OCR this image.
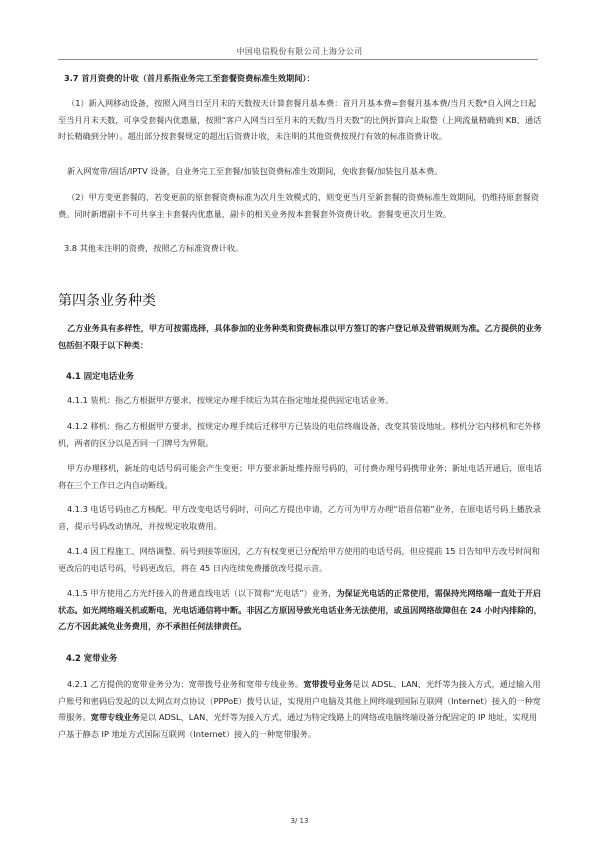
中国电信股份有限公司上海分公司

3.7 首月资费的计收（首月系指业务完工至套餐资费标准生效期间）：

（1）新入网移动设备，按照入网当日至月末的天数按天计算套餐月基本费：首月月基本费=套餐月基本费/当月天数*自入网之日起至当月月末天数，可享受套餐内优惠量，按照“客户入网当日至月末的天数/当月天数”的比例折算向上取整（上网流量精确到 KB、通话时长精确到分钟）。超出部分按套餐规定的超出后资费计收，未注明的其他资费按现行有效的标准资费计收。

新入网宽带/固话/IPTV 设备，自业务完工至套餐/加装包资费标准生效期间，免收套餐/加装包月基本费。

（2）甲方变更套餐的，若变更前的原套餐资费标准为次月生效模式的，则变更当月至新套餐的资费标准生效期间，仍维持原套餐资费。同时新增副卡不可共享主卡套餐内优惠量，副卡的相关业务按本套餐套外资费计收。套餐变更次月生效。

3.8 其他未注明的资费，按照乙方标准资费计收。

第四条业务种类

乙方业务具有多样性，甲方可按需选择，具体参加的业务种类和资费标准以甲方签订的客户登记单及营销规则为准。乙方提供的业务包括但不限于以下种类：

4.1 固定电话业务

4.1.1 装机：指乙方根据甲方要求，按规定办理手续后为其在指定地址提供固定电话业务。

4.1.2 移机：指乙方根据甲方要求，按规定办理手续后迁移甲方已装设的电信终端设备，改变其装设地址。移机分宅内移机和宅外移机，两者的区分以是否同一门牌号为界限。

甲方办理移机，新址的电话号码可能会产生变更；甲方要求新址维持原号码的，可付费办理号码携带业务；新址电话开通后，原电话将在三个工作日之内自动断线。

4.1.3 电话号码由乙方核配。甲方改变电话号码时，可向乙方提出申请，乙方可为甲方办理“语音信箱”业务，在原电话号码上播放录音，提示号码改动情况，并按规定收取费用。

4.1.4 因工程施工、网络调整、码号到接等原因，乙方有权变更已分配给甲方使用的电话号码，但应提前 15 日告知甲方改号时间和更改后的电话号码，号码更改后，将在 45 日内连续免费播放改号提示音。

4.1.5 甲方使用乙方光纤接入的普通直线电话（以下简称“光电话”）业务，为保证光电话的正常使用，需保持光网络端一直处于开启状态。如光网络端关机或断电，光电话通信将中断。非因乙方原因导致光电话业务无法使用，或虽因网络故障但在 24 小时内排除的，乙方不因此减免业务费用，亦不承担任何法律责任。

4.2 宽带业务

4.2.1 乙方提供的宽带业务分为：宽带拨号业务和宽带专线业务。宽带拨号业务是以 ADSL、LAN、光纤等为接入方式，通过输入用户账号和密码后发起的以太网点对点协议（PPPoE）拨号认证，实现用户电脑及其他上网终端到国际互联网（Internet）接入的一种宽带服务。宽带专线业务是以 ADSL、LAN、光纤等为接入方式，通过为特定线路上的网络或电脑终端设备分配固定的 IP 地址，实现用户基于静态 IP 地址方式国际互联网（Internet）接入的一种宽带服务。

3/ 13
